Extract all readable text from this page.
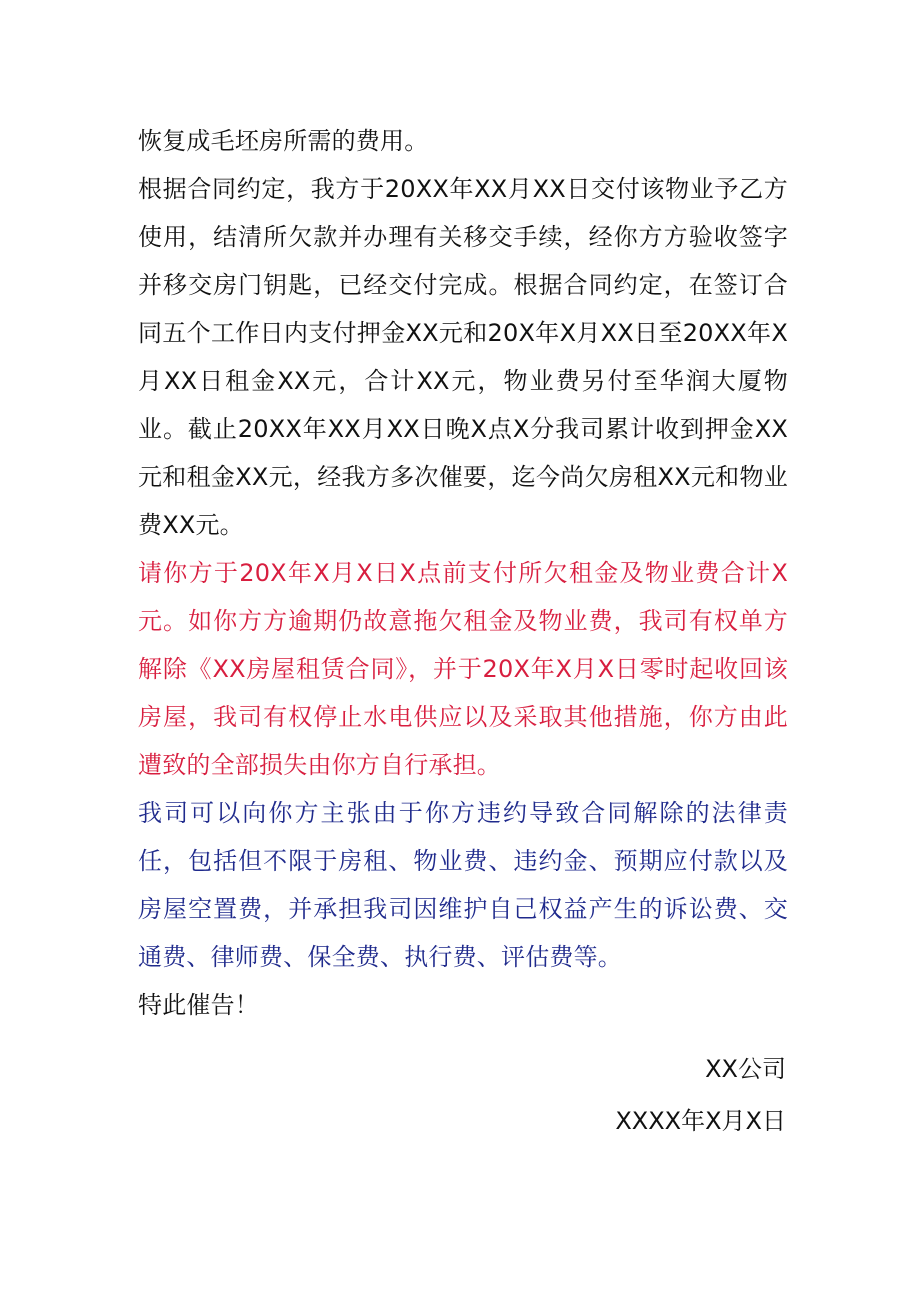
恢复成毛坯房所需的费用。

根据合同约定，我方于20XX年XX月XX日交付该物业予乙方使用，结清所欠款并办理有关移交手续，经你方方验收签字并移交房门钥匙，已经交付完成。根据合同约定，在签订合同五个工作日内支付押金XX元和20X年X月XX日至20XX年X月XX日租金XX元，合计XX元，物业费另付至华润大厦物业。截止20XX年XX月XX日晚X点X分我司累计收到押金XX元和租金XX元，经我方多次催要，迄今尚欠房租XX元和物业费XX元。

请你方于20X年X月X日X点前支付所欠租金及物业费合计X元。如你方方逾期仍故意拖欠租金及物业费，我司有权单方解除《XX房屋租赁合同》，并于20X年X月X日零时起收回该房屋，我司有权停止水电供应以及采取其他措施，你方由此遭致的全部损失由你方自行承担。

我司可以向你方主张由于你方违约导致合同解除的法律责任，包括但不限于房租、物业费、违约金、预期应付款以及房屋空置费，并承担我司因维护自己权益产生的诉讼费、交通费、律师费、保全费、执行费、评估费等。

特此催告！

XX公司
XXXX年X月X日
